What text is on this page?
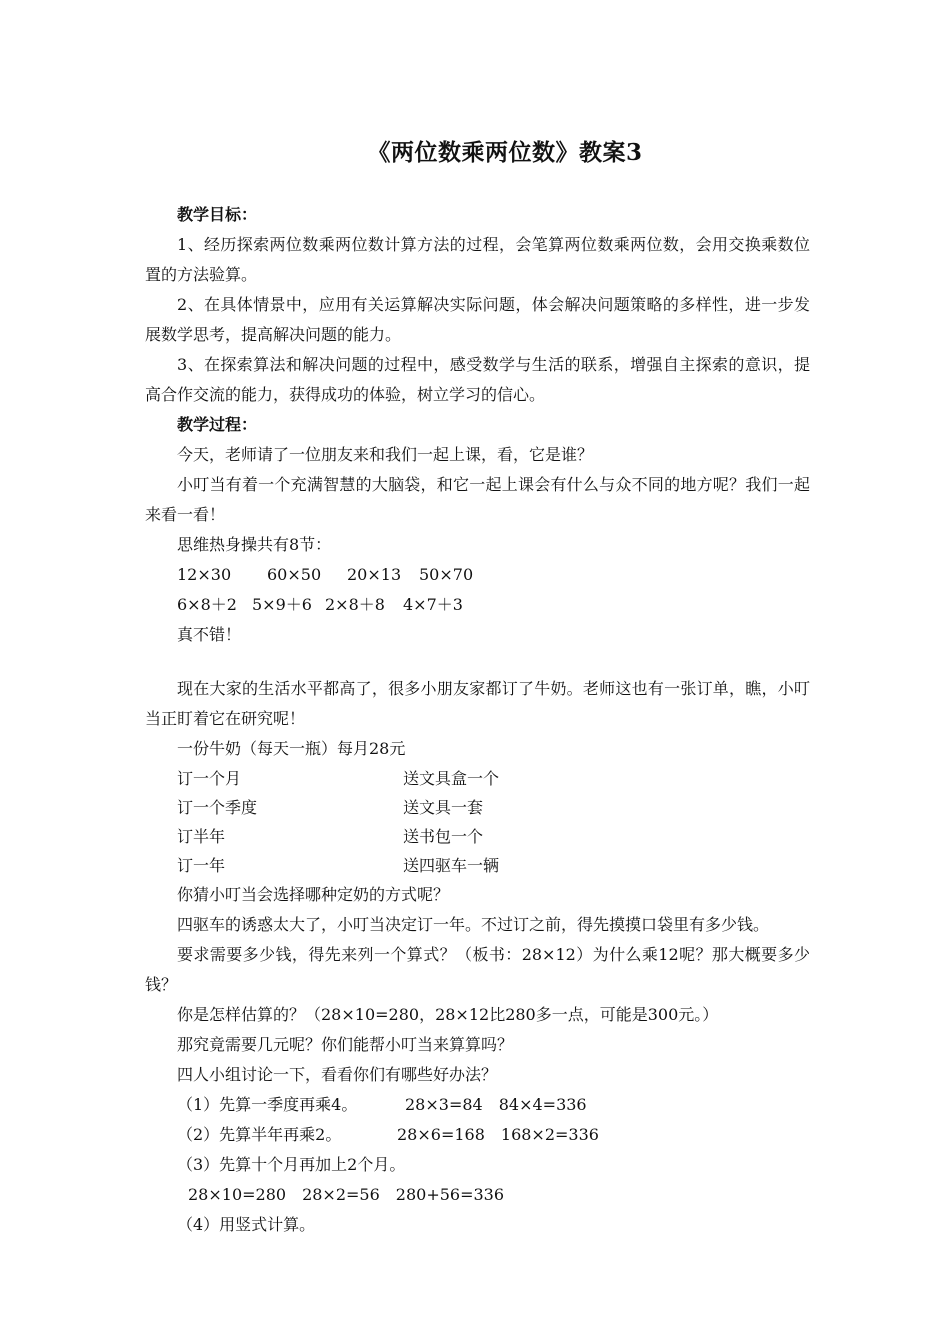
《两位数乘两位数》教案3

教学目标：

1、经历探索两位数乘两位数计算方法的过程，会笔算两位数乘两位数，会用交换乘数位置的方法验算。

2、在具体情景中，应用有关运算解决实际问题，体会解决问题策略的多样性，进一步发展数学思考，提高解决问题的能力。

3、在探索算法和解决问题的过程中，感受数学与生活的联系，增强自主探索的意识，提高合作交流的能力，获得成功的体验，树立学习的信心。

教学过程：

今天，老师请了一位朋友来和我们一起上课，看，它是谁？

小叮当有着一个充满智慧的大脑袋，和它一起上课会有什么与众不同的地方呢？我们一起来看一看！

思维热身操共有8节：

12×30 60×50 20×13 50×70
6×8＋2 5×9＋6 2×8＋8 4×7＋3

真不错！

现在大家的生活水平都高了，很多小朋友家都订了牛奶。老师这也有一张订单，瞧，小叮当正盯着它在研究呢！

一份牛奶（每天一瓶）每月28元

订一个月	送文具盒一个
订一个季度	送文具一套
订半年	送书包一个
订一年	送四驱车一辆

你猜小叮当会选择哪种定奶的方式呢？

四驱车的诱惑太大了，小叮当决定订一年。不过订之前，得先摸摸口袋里有多少钱。

要求需要多少钱，得先来列一个算式？（板书：28×12）为什么乘12呢？那大概要多少钱？

你是怎样估算的？（28×10=280，28×12比280多一点，可能是300元。）

那究竟需要几元呢？你们能帮小叮当来算算吗？

四人小组讨论一下，看看你们有哪些好办法？

（1）先算一季度再乘4。	28×3=84　84×4=336
（2）先算半年再乘2。	28×6=168　168×2=336
（3）先算十个月再加上2个月。
28×10=280　28×2=56　280+56=336
（4）用竖式计算。
